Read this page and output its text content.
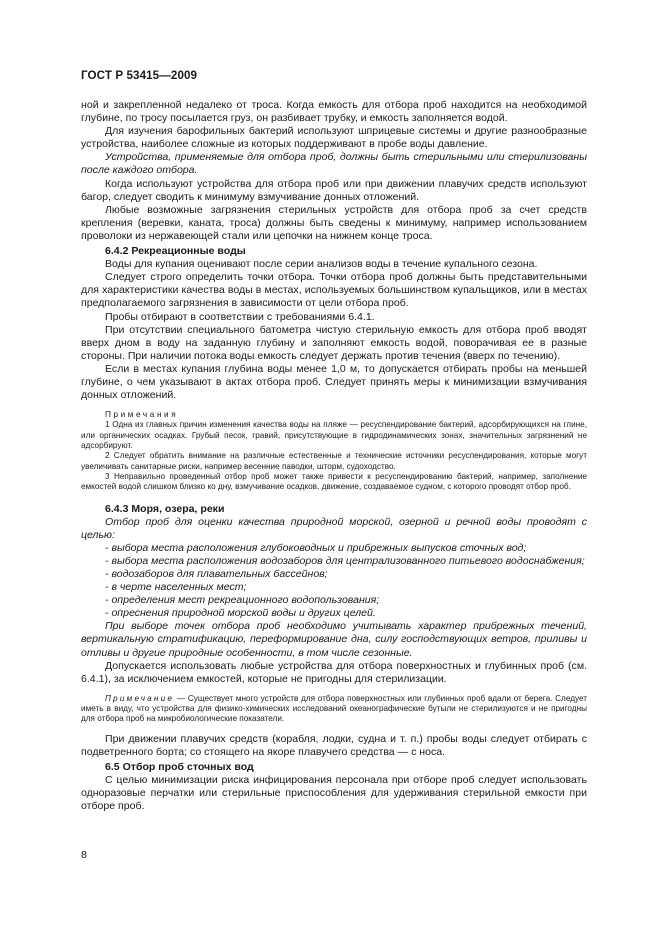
ГОСТ Р 53415—2009

ной и закрепленной недалеко от троса. Когда емкость для отбора проб находится на необходимой глубине, по тросу посылается груз, он разбивает трубку, и емкость заполняется водой.

Для изучения барофильных бактерий используют шприцевые системы и другие разнообразные устройства, наиболее сложные из которых поддерживают в пробе воды давление.

Устройства, применяемые для отбора проб, должны быть стерильными или стерилизованы после каждого отбора.

Когда используют устройства для отбора проб или при движении плавучих средств используют багор, следует сводить к минимуму взмучивание донных отложений.

Любые возможные загрязнения стерильных устройств для отбора проб за счет средств крепления (веревки, каната, троса) должны быть сведены к минимуму, например использованием проволоки из нержавеющей стали или цепочки на нижнем конце троса.

6.4.2 Рекреационные воды

Воды для купания оценивают после серии анализов воды в течение купального сезона.

Следует строго определить точки отбора. Точки отбора проб должны быть представительными для характеристики качества воды в местах, используемых большинством купальщиков, или в местах предполагаемого загрязнения в зависимости от цели отбора проб.

Пробы отбирают в соответствии с требованиями 6.4.1.

При отсутствии специального батометра чистую стерильную емкость для отбора проб вводят вверх дном в воду на заданную глубину и заполняют емкость водой, поворачивая ее в разные стороны. При наличии потока воды емкость следует держать против течения (вверх по течению).

Если в местах купания глубина воды менее 1,0 м, то допускается отбирать пробы на меньшей глубине, о чем указывают в актах отбора проб. Следует принять меры к минимизации взмучивания донных отложений.

Примечания

1 Одна из главных причин изменения качества воды на пляже — ресуспендирование бактерий, адсорбирующихся на глине, или органических осадках. Грубый песок, гравий, присутствующие в гидродинамических зонах, значительных загрязнений не адсорбируют.

2 Следует обратить внимание на различные естественные и технические источники ресуспендирования, которые могут увеличивать санитарные риски, например весенние паводки, шторм, судоходство.

3 Неправильно проведенный отбор проб может также привести к ресуспендированию бактерий, например, заполнение емкостей водой слишком близко ко дну, взмучивание осадков, движение, создаваемое судном, с которого проводят отбор проб.

6.4.3 Моря, озера, реки

Отбор проб для оценки качества природной морской, озерной и речной воды проводят с целью:

- выбора места расположения глубоководных и прибрежных выпусков сточных вод;

- выбора места расположения водозаборов для централизованного питьевого водоснабжения;

- водозаборов для плавательных бассейнов;

- в черте населенных мест;

- определения мест рекреационного водопользования;

- опреснения природной морской воды и других целей.

При выборе точек отбора проб необходимо учитывать характер прибрежных течений, вертикальную стратификацию, переформирование дна, силу господствующих ветров, приливы и отливы и другие природные особенности, в том числе сезонные.

Допускается использовать любые устройства для отбора поверхностных и глубинных проб (см. 6.4.1), за исключением емкостей, которые не пригодны для стерилизации.

Примечание — Существует много устройств для отбора поверхностных или глубинных проб вдали от берега. Следует иметь в виду, что устройства для физико-химических исследований океанографические бутыли не стерилизуются и не пригодны для отбора проб на микробиологические показатели.

При движении плавучих средств (корабля, лодки, судна и т. п.) пробы воды следует отбирать с подветренного борта; со стоящего на якоре плавучего средства — с носа.

6.5 Отбор проб сточных вод

С целью минимизации риска инфицирования персонала при отборе проб следует использовать одноразовые перчатки или стерильные приспособления для удерживания стерильной емкости при отборе проб.

8
